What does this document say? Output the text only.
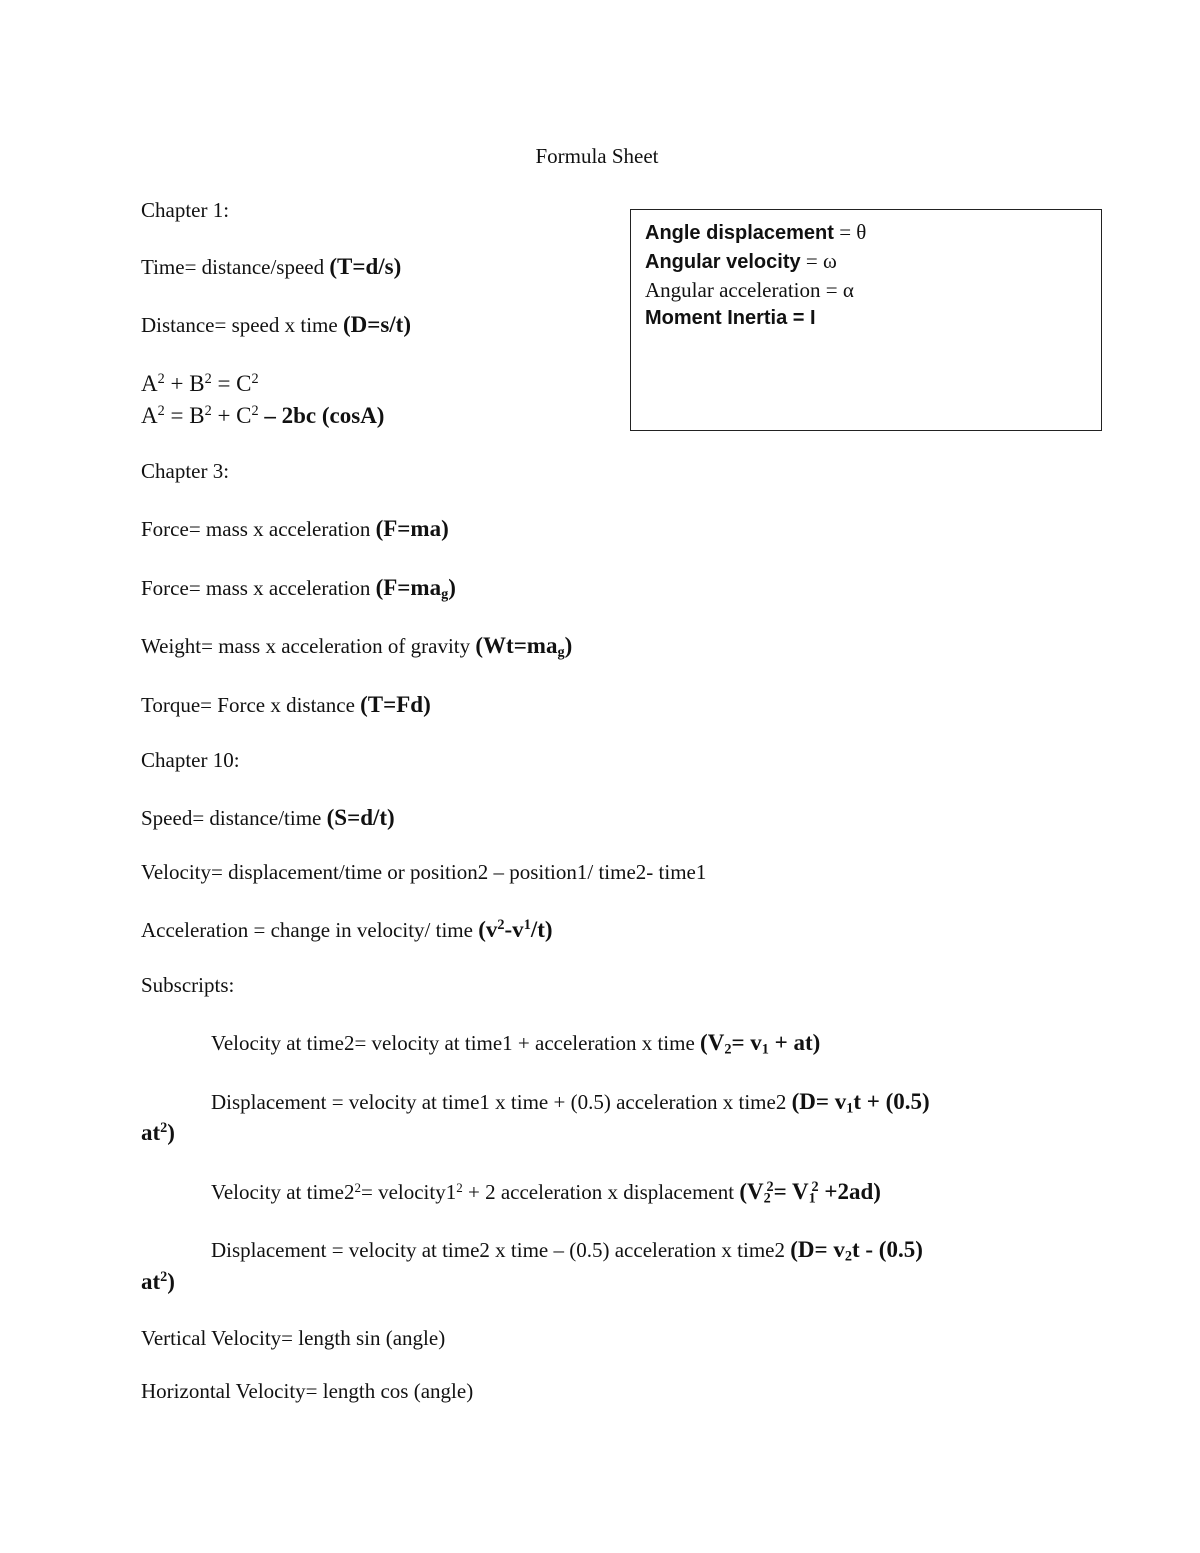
Formula Sheet
Angle displacement = θ
Angular velocity = ω
Angular acceleration = α
Moment Inertia = I
Chapter 1:
Time= distance/speed (T=d/s)
Distance= speed x time (D=s/t)
$A^2 + B^2 = C^2$
$A^2 = B^2 + C^2 - 2bc$ (cosA)
Chapter 3:
Force= mass x acceleration (F=ma)
Force= mass x acceleration $(F=ma_g)$
Weight= mass x acceleration of gravity $(Wt=ma_g)$
Torque= Force x distance (T=Fd)
Chapter 10:
Speed= distance/time (S=d/t)
Velocity= displacement/time or position2 – position1/ time2- time1
Acceleration = change in velocity/ time $(v^2-v^1/t)$
Subscripts:
Velocity at time2= velocity at time1 + acceleration x time $(V_2= v_1 + at)$
Displacement = velocity at time1 x time + (0.5) acceleration x time2 ($D= v_1t + (0.5)$
$at^2$)
Velocity at $time2^2=$ $velocity1^2 + 2$ acceleration x displacement $(V_2^2= V_1^2 +2ad)$
Displacement = velocity at time2 x time – (0.5) acceleration x time2 ($D= v_2t - (0.5)$
$at^2$)
Vertical Velocity= length sin (angle)
Horizontal Velocity= length cos (angle)
